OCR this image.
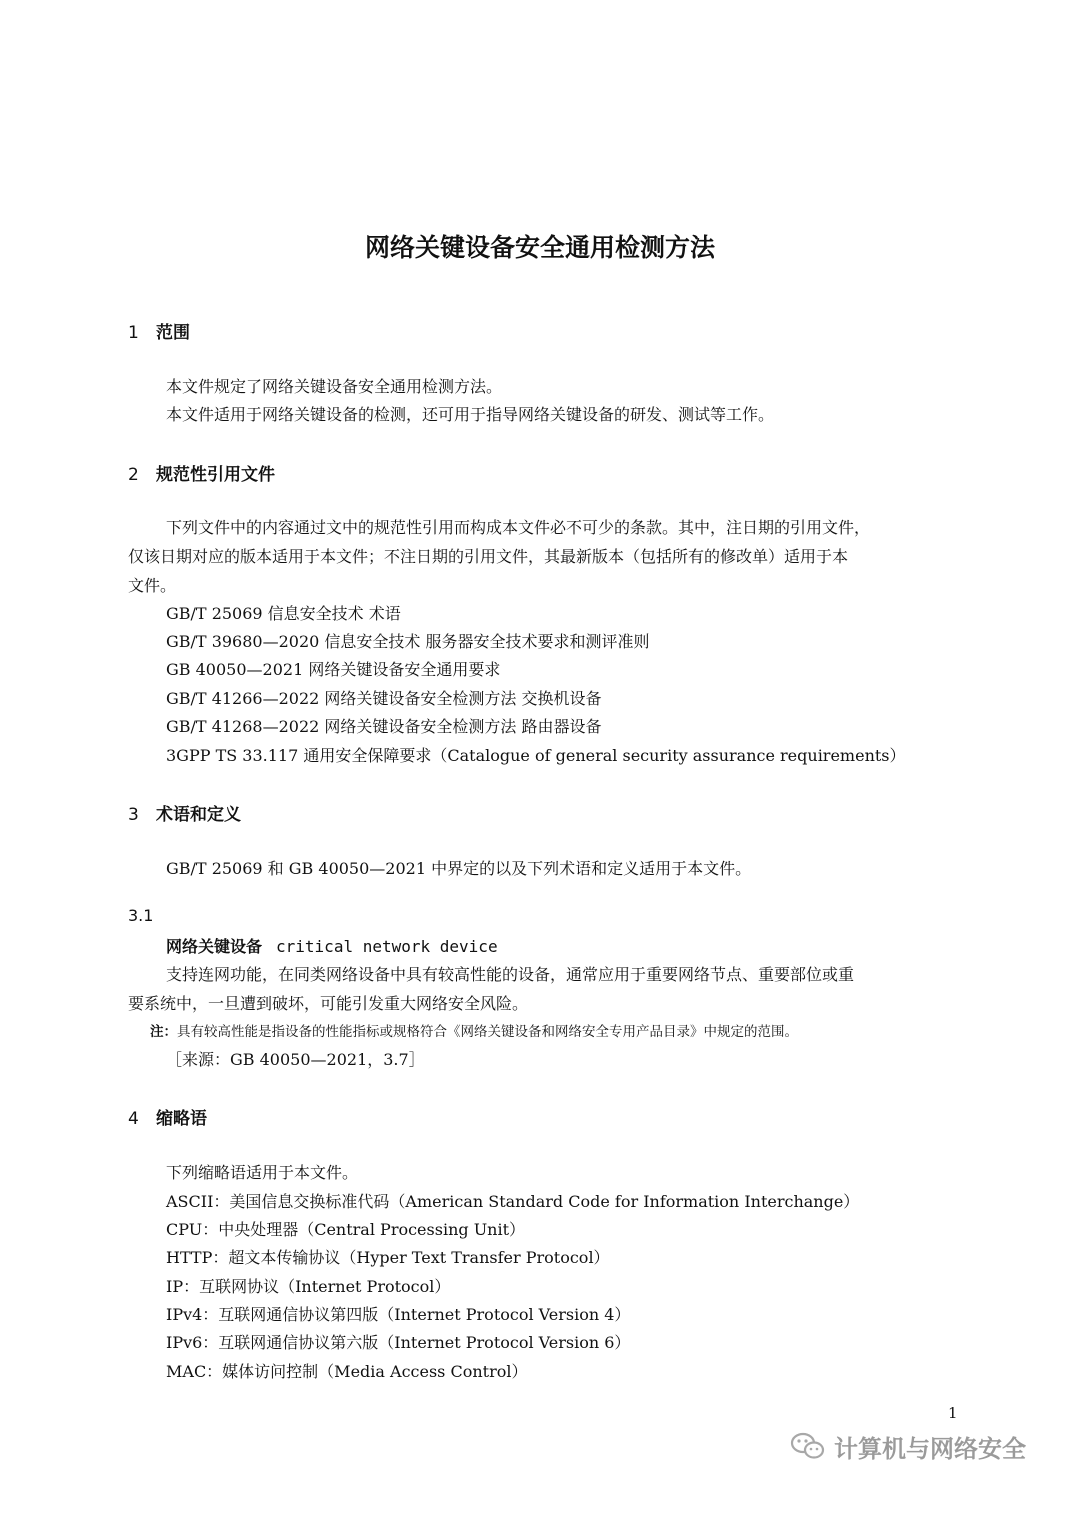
网络关键设备安全通用检测方法
1 范围

本文件规定了网络关键设备安全通用检测方法。

本文件适用于网络关键设备的检测，还可用于指导网络关键设备的研发、测试等工作。

2 规范性引用文件

下列文件中的内容通过文中的规范性引用而构成本文件必不可少的条款。其中，注日期的引用文件，

仅该日期对应的版本适用于本文件；不注日期的引用文件，其最新版本（包括所有的修改单）适用于本

文件。

GB/T 25069 信息安全技术 术语

GB/T 39680—2020 信息安全技术 服务器安全技术要求和测评准则

GB 40050—2021 网络关键设备安全通用要求

GB/T 41266—2022 网络关键设备安全检测方法 交换机设备

GB/T 41268—2022 网络关键设备安全检测方法 路由器设备

3GPP TS 33.117 通用安全保障要求（Catalogue of general security assurance requirements）

3 术语和定义

GB/T 25069 和 GB 40050—2021 中界定的以及下列术语和定义适用于本文件。

3.1

网络关键设备 critical network device

支持连网功能，在同类网络设备中具有较高性能的设备，通常应用于重要网络节点、重要部位或重

要系统中，一旦遭到破坏，可能引发重大网络安全风险。

注：具有较高性能是指设备的性能指标或规格符合《网络关键设备和网络安全专用产品目录》中规定的范围。

［来源：GB 40050—2021，3.7］

4 缩略语

下列缩略语适用于本文件。

ASCII：美国信息交换标准代码（American Standard Code for Information Interchange）

CPU：中央处理器（Central Processing Unit）

HTTP：超文本传输协议（Hyper Text Transfer Protocol）

IP：互联网协议（Internet Protocol）

IPv4：互联网通信协议第四版（Internet Protocol Version 4）

IPv6：互联网通信协议第六版（Internet Protocol Version 6）

MAC：媒体访问控制（Media Access Control）

1
计算机与网络安全
